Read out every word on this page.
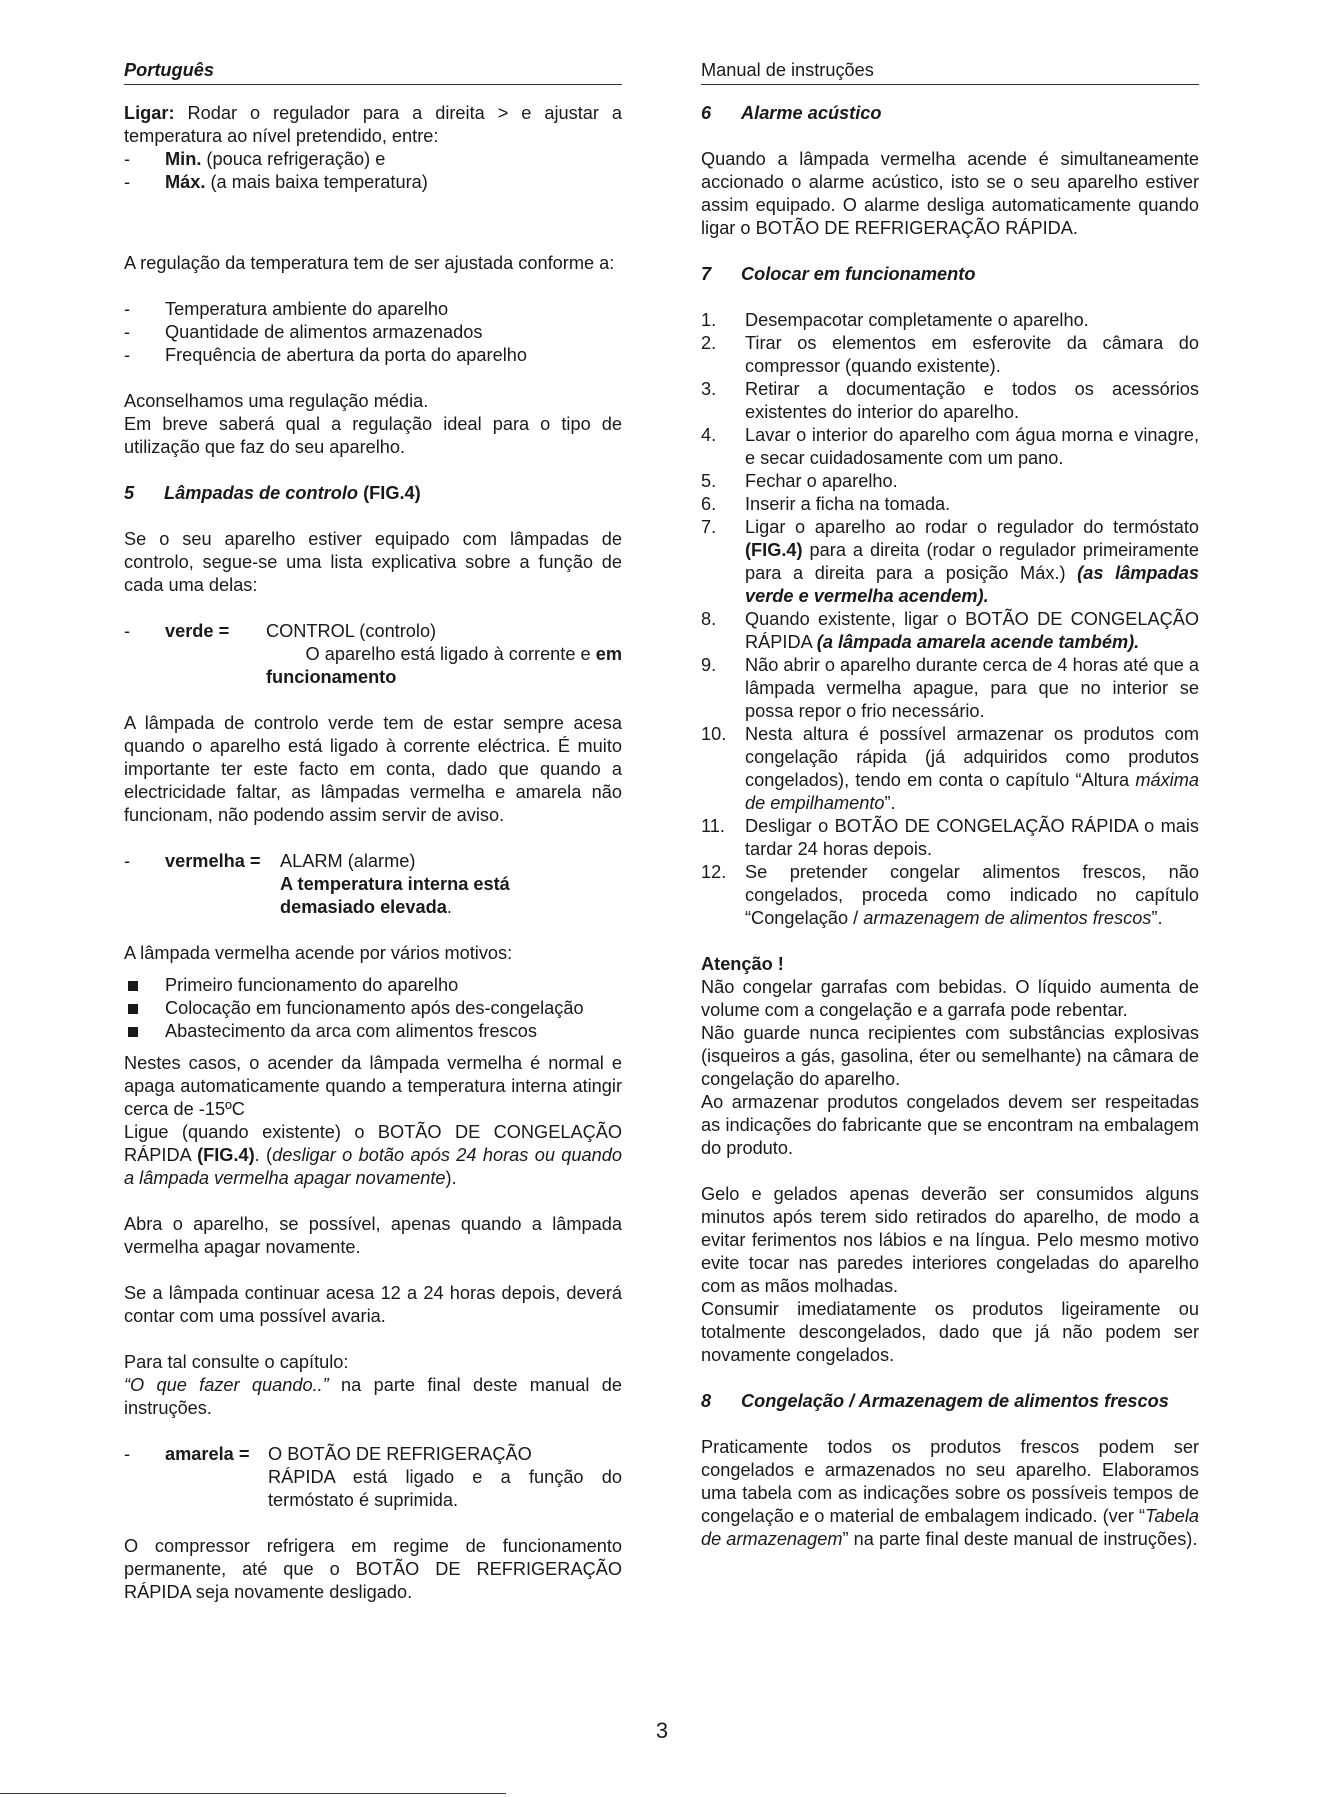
Português

Ligar: Rodar o regulador para a direita > e ajustar a temperatura ao nível pretendido, entre:

-	Min. (pouca refrigeração) e
-	Máx. (a mais baixa temperatura)

A regulação da temperatura tem de ser ajustada conforme a:

-	Temperatura ambiente do aparelho
-	Quantidade de alimentos armazenados
-	Frequência de abertura da porta do aparelho

Aconselhamos uma regulação média.

Em breve saberá qual a regulação ideal para o tipo de utilização que faz do seu aparelho.

5	Lâmpadas de controlo (FIG.4)

Se o seu aparelho estiver equipado com lâmpadas de controlo, segue-se uma lista explicativa sobre a função de cada uma delas:

-	verde =	CONTROL (controlo)
O aparelho está ligado à corrente e em
funcionamento

A lâmpada de controlo verde tem de estar sempre acesa quando o aparelho está ligado à corrente eléctrica. É muito importante ter este facto em conta, dado que quando a electricidade faltar, as lâmpadas vermelha e amarela não funcionam, não podendo assim servir de aviso.

-	vermelha =	ALARM (alarme)
A temperatura interna está
demasiado elevada.

A lâmpada vermelha acende por vários motivos:

Primeiro funcionamento do aparelho
Colocação em funcionamento após des-congelação
Abastecimento da arca com alimentos frescos

Nestes casos, o acender da lâmpada vermelha é normal e apaga automaticamente quando a temperatura interna atingir cerca de -15ºC

Ligue (quando existente) o BOTÃO DE CONGELAÇÃO RÁPIDA (FIG.4). (desligar o botão após 24 horas ou quando a lâmpada vermelha apagar novamente).

Abra o aparelho, se possível, apenas quando a lâmpada vermelha apagar novamente.

Se a lâmpada continuar acesa 12 a 24 horas depois, deverá contar com uma possível avaria.

Para tal consulte o capítulo:

“O que fazer quando..” na parte final deste manual de instruções.

-	amarela =	O BOTÃO DE REFRIGERAÇÃO
RÁPIDA está ligado e a função do
termóstato é suprimida.

O compressor refrigera em regime de funcionamento permanente, até que o BOTÃO DE REFRIGERAÇÃO RÁPIDA seja novamente desligado.

Manual de instruções
6	Alarme acústico

Quando a lâmpada vermelha acende é simultaneamente accionado o alarme acústico, isto se o seu aparelho estiver assim equipado. O alarme desliga automaticamente quando ligar o BOTÃO DE REFRIGERAÇÃO RÁPIDA.

7	Colocar em funcionamento
1.	Desempacotar completamente o aparelho.
2.	Tirar os elementos em esferovite da câmara do compressor (quando existente).
3.	Retirar a documentação e todos os acessórios existentes do interior do aparelho.
4.	Lavar o interior do aparelho com água morna e vinagre, e secar cuidadosamente com um pano.
5.	Fechar o aparelho.
6.	Inserir a ficha na tomada.
7.	Ligar o aparelho ao rodar o regulador do termóstato (FIG.4) para a direita (rodar o regulador primeiramente para a direita para a posição Máx.) (as lâmpadas verde e vermelha acendem).
8.	Quando existente, ligar o BOTÃO DE CONGELAÇÃO RÁPIDA (a lâmpada amarela acende também).
9.	Não abrir o aparelho durante cerca de 4 horas até que a lâmpada vermelha apague, para que no interior se possa repor o frio necessário.
10.	Nesta altura é possível armazenar os produtos com congelação rápida (já adquiridos como produtos congelados), tendo em conta o capítulo “Altura máxima de empilhamento”.
11.	Desligar o BOTÃO DE CONGELAÇÃO RÁPIDA o mais tardar 24 horas depois.
12.	Se pretender congelar alimentos frescos, não congelados, proceda como indicado no capítulo “Congelação / armazenagem de alimentos frescos”.

Atenção !

Não congelar garrafas com bebidas. O líquido aumenta de volume com a congelação e a garrafa pode rebentar.

Não guarde nunca recipientes com substâncias explosivas (isqueiros a gás, gasolina, éter ou semelhante) na câmara de congelação do aparelho.

Ao armazenar produtos congelados devem ser respeitadas as indicações do fabricante que se encontram na embalagem do produto.

Gelo e gelados apenas deverão ser consumidos alguns minutos após terem sido retirados do aparelho, de modo a evitar ferimentos nos lábios e na língua. Pelo mesmo motivo evite tocar nas paredes interiores congeladas do aparelho com as mãos molhadas.

Consumir imediatamente os produtos ligeiramente ou totalmente descongelados, dado que já não podem ser novamente congelados.

8	Congelação / Armazenagem de alimentos frescos

Praticamente todos os produtos frescos podem ser congelados e armazenados no seu aparelho. Elaboramos uma tabela com as indicações sobre os possíveis tempos de congelação e o material de embalagem indicado. (ver “Tabela de armazenagem” na parte final deste manual de instruções).

3
